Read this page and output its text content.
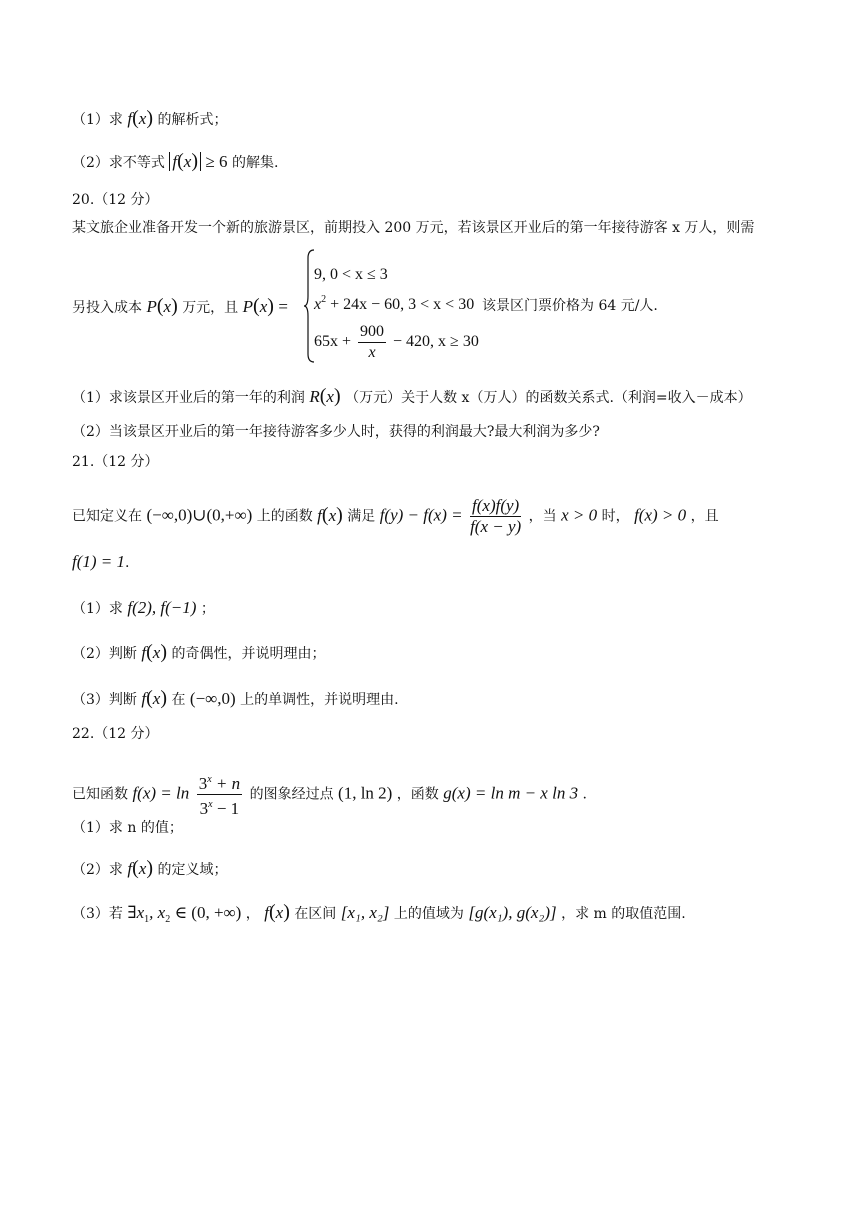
（1）求 f(x) 的解析式；
（2）求不等式 f(x) ≥ 6 的解集.
20.（12 分）
某文旅企业准备开发一个新的旅游景区，前期投入 200 万元，若该景区开业后的第一年接待游客 x 万人，则需
另投入成本 P(x) 万元，且 P(x) =
9, 0 < x ≤ 3
$x^2 + 24x - 60$, 3 < x < 30
$65x + \frac{900}{x} - 420$, x ≥ 30
该景区门票价格为 64 元/人.
（1）求该景区开业后的第一年的利润 R(x) （万元）关于人数 x（万人）的函数关系式.（利润=收入－成本）
（2）当该景区开业后的第一年接待游客多少人时，获得的利润最大?最大利润为多少?
21.（12 分）
已知定义在 (−∞,0)∪(0,+∞) 上的函数 f(x) 满足 $f(y) - f(x) = \frac{f(x)f(y)}{f(x - y)}$ ，当 x > 0 时， f(x) > 0 ，且
f(1) = 1.
（1）求 f(2), f(−1) ；
（2）判断 f(x) 的奇偶性，并说明理由；
（3）判断 f(x) 在 (−∞,0) 上的单调性，并说明理由.
22.（12 分）
已知函数 $f(x) = \ln \frac{3^x + n}{3^x - 1}$ 的图象经过点 (1, ln 2) ，函数 g(x) = ln m − x ln 3 .
（1）求 n 的值；
（2）求 f(x) 的定义域；
（3）若 $\exists x_1$, $x_2$ ∈ (0, +∞) ， f(x) 在区间 [x₁, x₂] 上的值域为 [g(x₁), g(x₂)] ，求 m 的取值范围.
